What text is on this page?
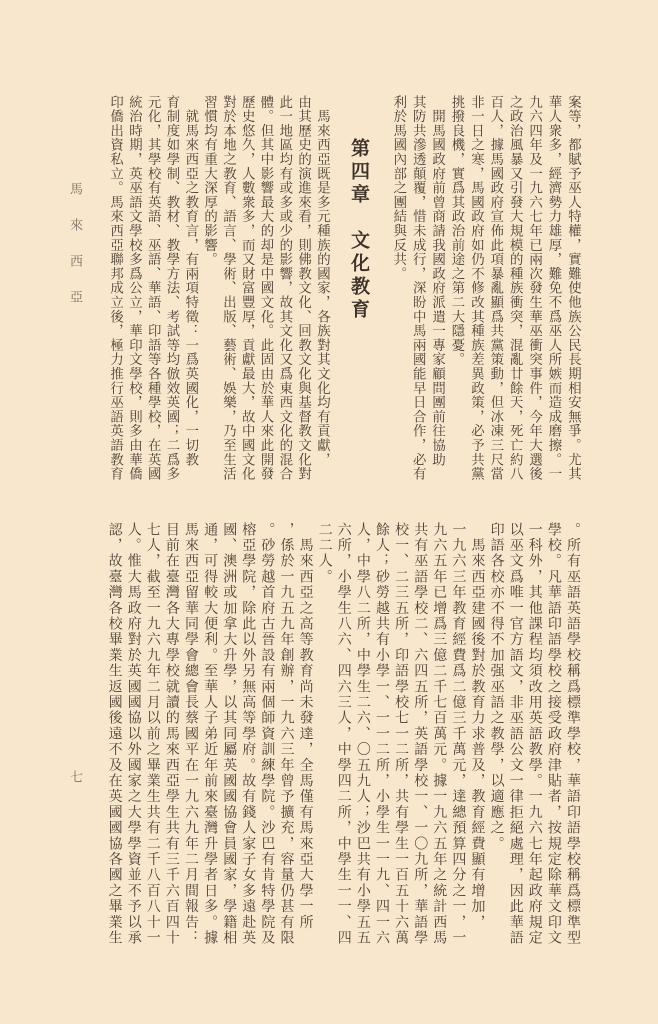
馬來西亞
七
第四章　文化教育	案等，都賦予巫人特權，實難使他族公民長期相安無爭。尤其
華人衆多，經濟勢力雄厚，難免不爲巫人所嫉而造成磨擦。一
九六四年及一九六七年已兩次發生華巫衝突事件，今年大選後
之政治風暴又引發大規模的種族衝突，混亂廿餘天，死亡約八
百人，據馬國政府宣佈此項暴亂顯爲共黨策動，但冰凍三尺當
非一日之寒，馬國政府如仍不修改其種族差異政策，必予共黨
挑撥良機，實爲其政治前途之第二大隱憂。
　開馬國政府前曾商請我國政府派遣一專家顧問團前往協助
其防共滲透顛覆，惜未成行，深盼中馬兩國能早日合作，必有
利於馬國內部之團結與反共。
　馬來西亞既是多元種族的國家，各族對其文化均有貢獻，
由其歷史的演進來看，則佛教文化、回教文化與基督教文化對
此一地區均有或多或少的影響，故其文化又爲東西文化的混合
體。但其中影響最大的却是中國文化。此固由於華人來此開發
歷史悠久，人數衆多，而又財富豐厚，貢獻最大，故中國文化
對於本地之教育、語言、學術、出版、藝術、娛樂，乃至生活
習慣均有重大深厚的影響。
　就馬來西亞之教育言，有兩項特徵：一爲英國化，一切教
育制度如學制、教材、教學方法、考試等均倣效英國；二爲多
元化，其學校有英語、巫語、華語、印語等各種學校，在英國
統治時期，英巫語文學校多爲公立，華印文學校，則多由華僑
印僑出資私立。馬來西亞聯邦成立後，極力推行巫語英語教育
。所有巫語英語學校稱爲標準學校，華語印語學校稱爲標準型
學校。凡華語印語學校之接受政府津貼者，按規定除華文印文
一科外，其他課程均須改用英語教學。一九六七年起政府規定
以巫文爲唯一官方語文，非巫語公文一律拒絕處理，因此華語
印語各校亦不得不加强巫語之教學，以適應之。
　馬來西亞建國後對於教育力求普及，教育經費顯有增加，
一九六三年教育經費爲二億三千萬元，達總預算四分之一，一
九六五年已增爲三億二千七百萬元。據一九六五年之統計西馬
共有巫語學校二、六四五所，英語學校一、一〇九所，華語學
校一、二三五所，印語學校七一二所，共有學生一百五十六萬
餘人；砂勞越共有小學一、一一二所，小學生一一九、四一六
人，中學八二所，中學生二六、〇五九人；沙巴共有小學五五
六所，小學生八六、四六三人，中學四二所，中學生一一、四
二二人。
　馬來西亞之高等教育尚未發達，全馬僅有馬來亞大學一所
，係於一九五九年創辦，一九六三年曾予擴充，容量仍甚有限
。砂勞越首府古晉設有兩個師資訓練學院。沙巴有肯特學院及
榕亞學院，除此以外另無高等學府。故有錢人家子女多遠赴英
國、澳洲或加拿大升學，以其同屬英國國協會員國家，學籍相
通，可得較大便利。至華人子弟近年前來臺灣升學者日多。據
馬來西亞留華同學會總會長蔡國平在一九六九年二月間報告：
目前在臺灣各大專學校就讀的馬來西亞學生共有三千六百四十
七人，截至一九六九年二月以前之畢業生共有二千八百八十一
人。惟大馬政府對於英國國協以外國家之大學學資並不予以承
認，故臺灣各校畢業生返國後遠不及在英國國協各國之畢業生
